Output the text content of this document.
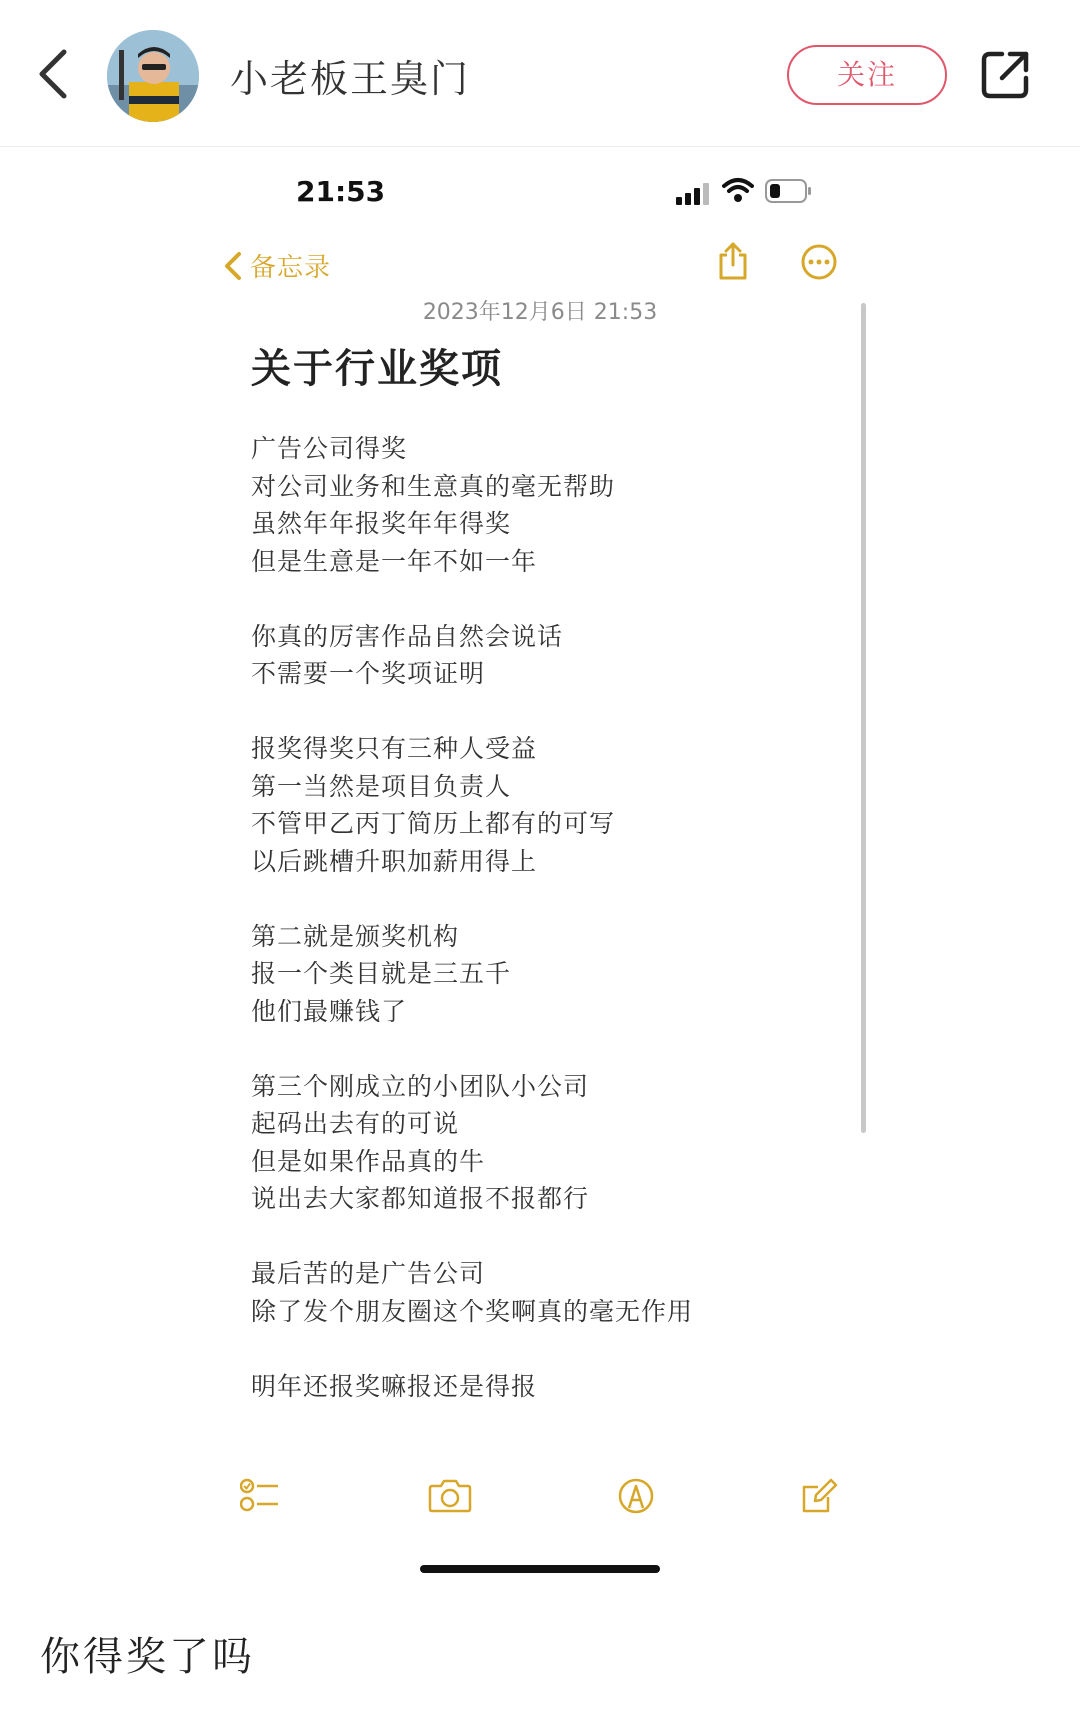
小老板王臭门	关注
21:53
备忘录
2023年12月6日 21:53
关于行业奖项
广告公司得奖
对公司业务和生意真的毫无帮助
虽然年年报奖年年得奖
但是生意是一年不如一年
你真的厉害作品自然会说话
不需要一个奖项证明
报奖得奖只有三种人受益
第一当然是项目负责人
不管甲乙丙丁简历上都有的可写
以后跳槽升职加薪用得上
第二就是颁奖机构
报一个类目就是三五千
他们最赚钱了
第三个刚成立的小团队小公司
起码出去有的可说
但是如果作品真的牛
说出去大家都知道报不报都行
最后苦的是广告公司
除了发个朋友圈这个奖啊真的毫无作用
明年还报奖嘛报还是得报
你得奖了吗
